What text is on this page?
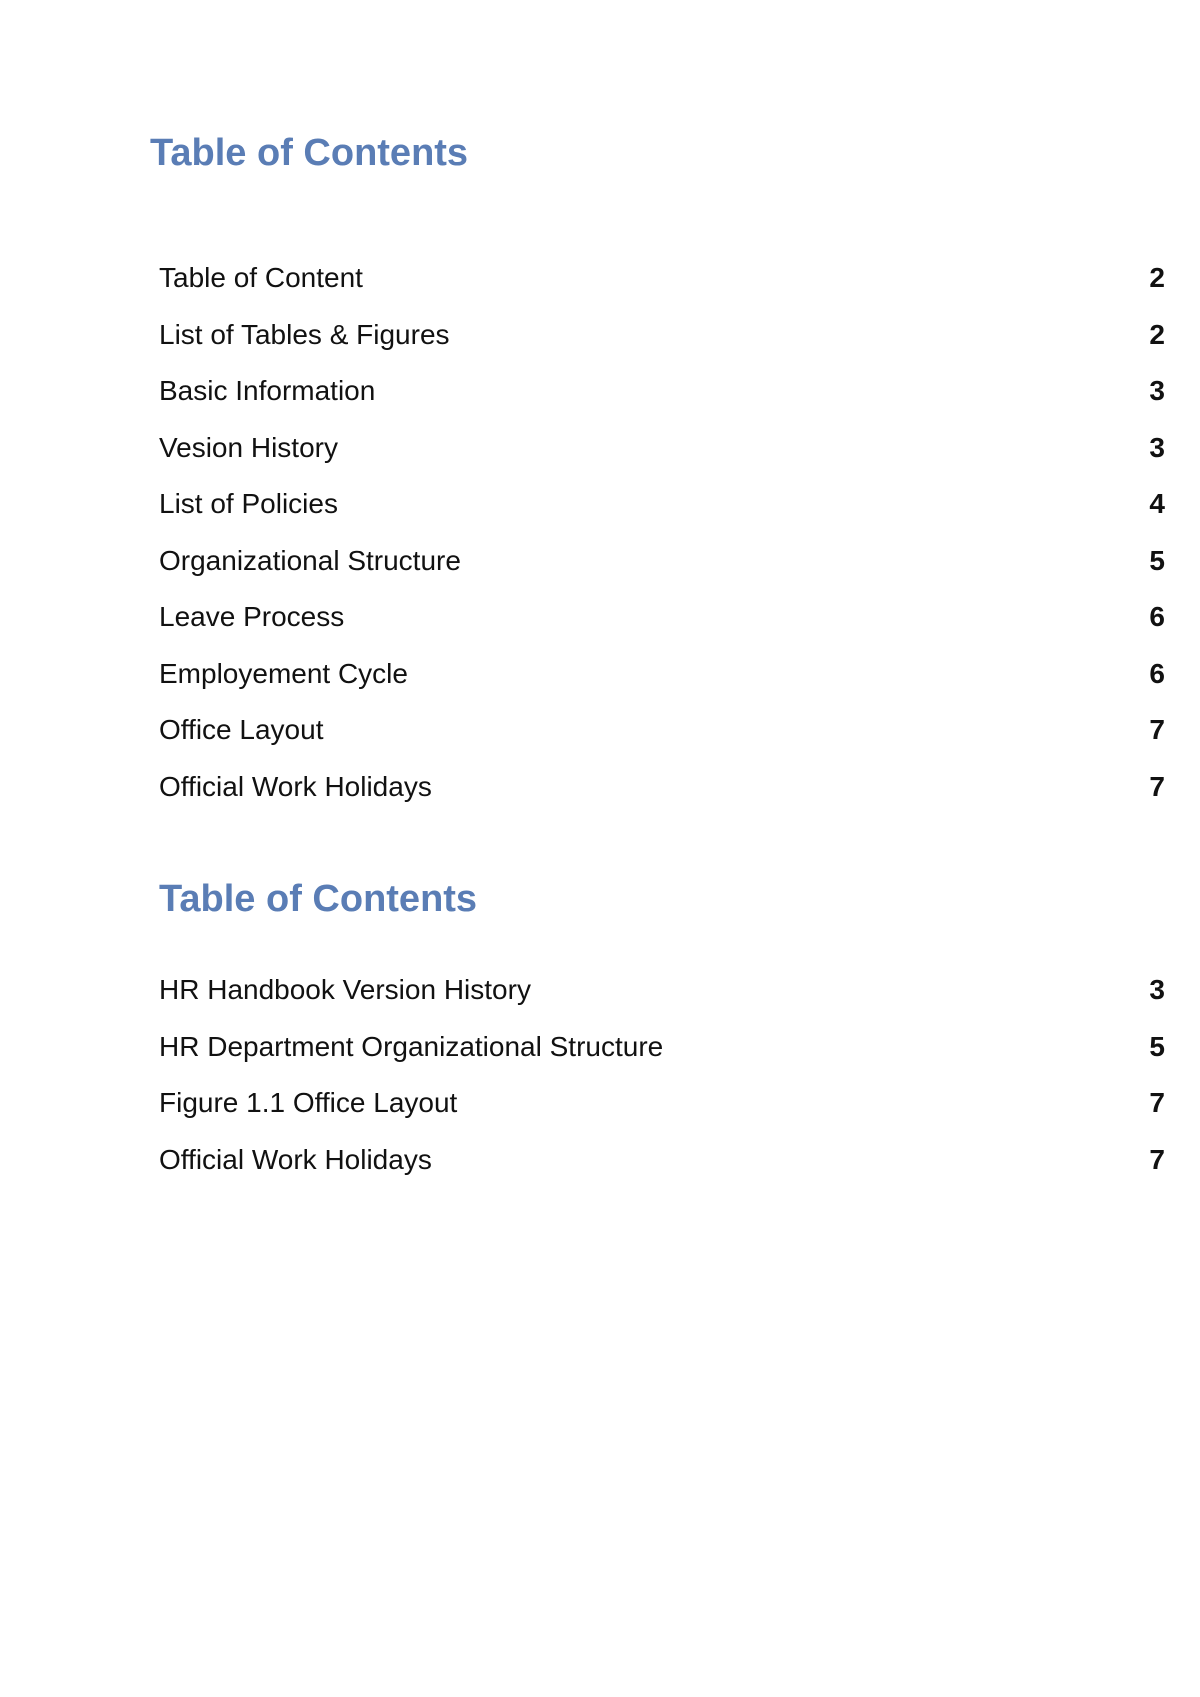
Table of Contents
Table of Content	2
List of Tables & Figures	2
Basic Information	3
Vesion History	3
List of Policies	4
Organizational Structure	5
Leave Process	6
Employement Cycle	6
Office Layout	7
Official Work Holidays	7
Table of Contents
HR Handbook Version History	3
HR Department Organizational Structure	5
Figure 1.1 Office Layout	7
Official Work Holidays	7
